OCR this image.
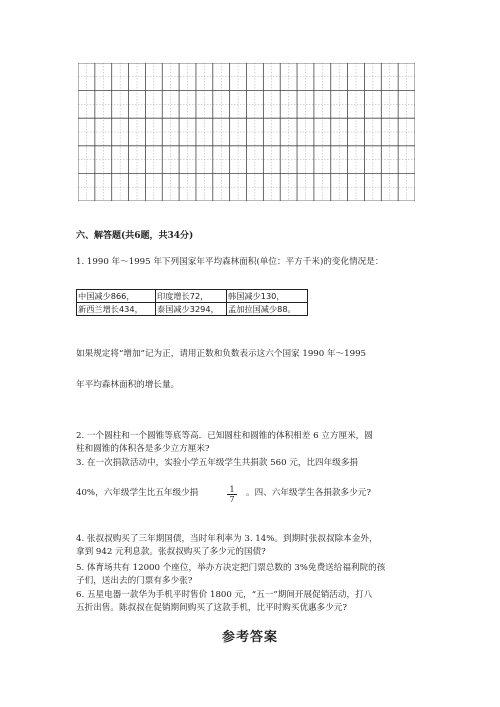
六、解答题(共6题，共34分)
1. 1990 年～1995 年下列国家年平均森林面积(单位：平方千米)的变化情况是：
中国减少866，	印度增长72，	韩国减少130，
新西兰增长434，	泰国减少3294，	孟加拉国减少88。
如果规定将“增加”记为正，请用正数和负数表示这六个国家 1990 年～1995
年平均森林面积的增长量。
2. 一个圆柱和一个圆锥等底等高．已知圆柱和圆锥的体积相差 6 立方厘米，圆
柱和圆锥的体积各是多少立方厘米?
3. 在一次捐款活动中，实验小学五年级学生共捐款 560 元，比四年级多捐
40%，六年级学生比五年级少捐	1
7
。四、六年级学生各捐款多少元?
4. 张叔叔购买了三年期国债，当时年利率为 3. 14%。到期时张叔叔除本金外，
拿到 942 元利息款。张叔叔购买了多少元的国债?
5. 体育场共有 12000 个座位，举办方决定把门票总数的 3%免费送给福利院的孩
子们，送出去的门票有多少张?
6. 五星电器一款华为手机平时售价 1800 元，“五一”期间开展促销活动，打八
五折出售。陈叔叔在促销期间购买了这款手机，比平时购买优惠多少元?
参考答案
